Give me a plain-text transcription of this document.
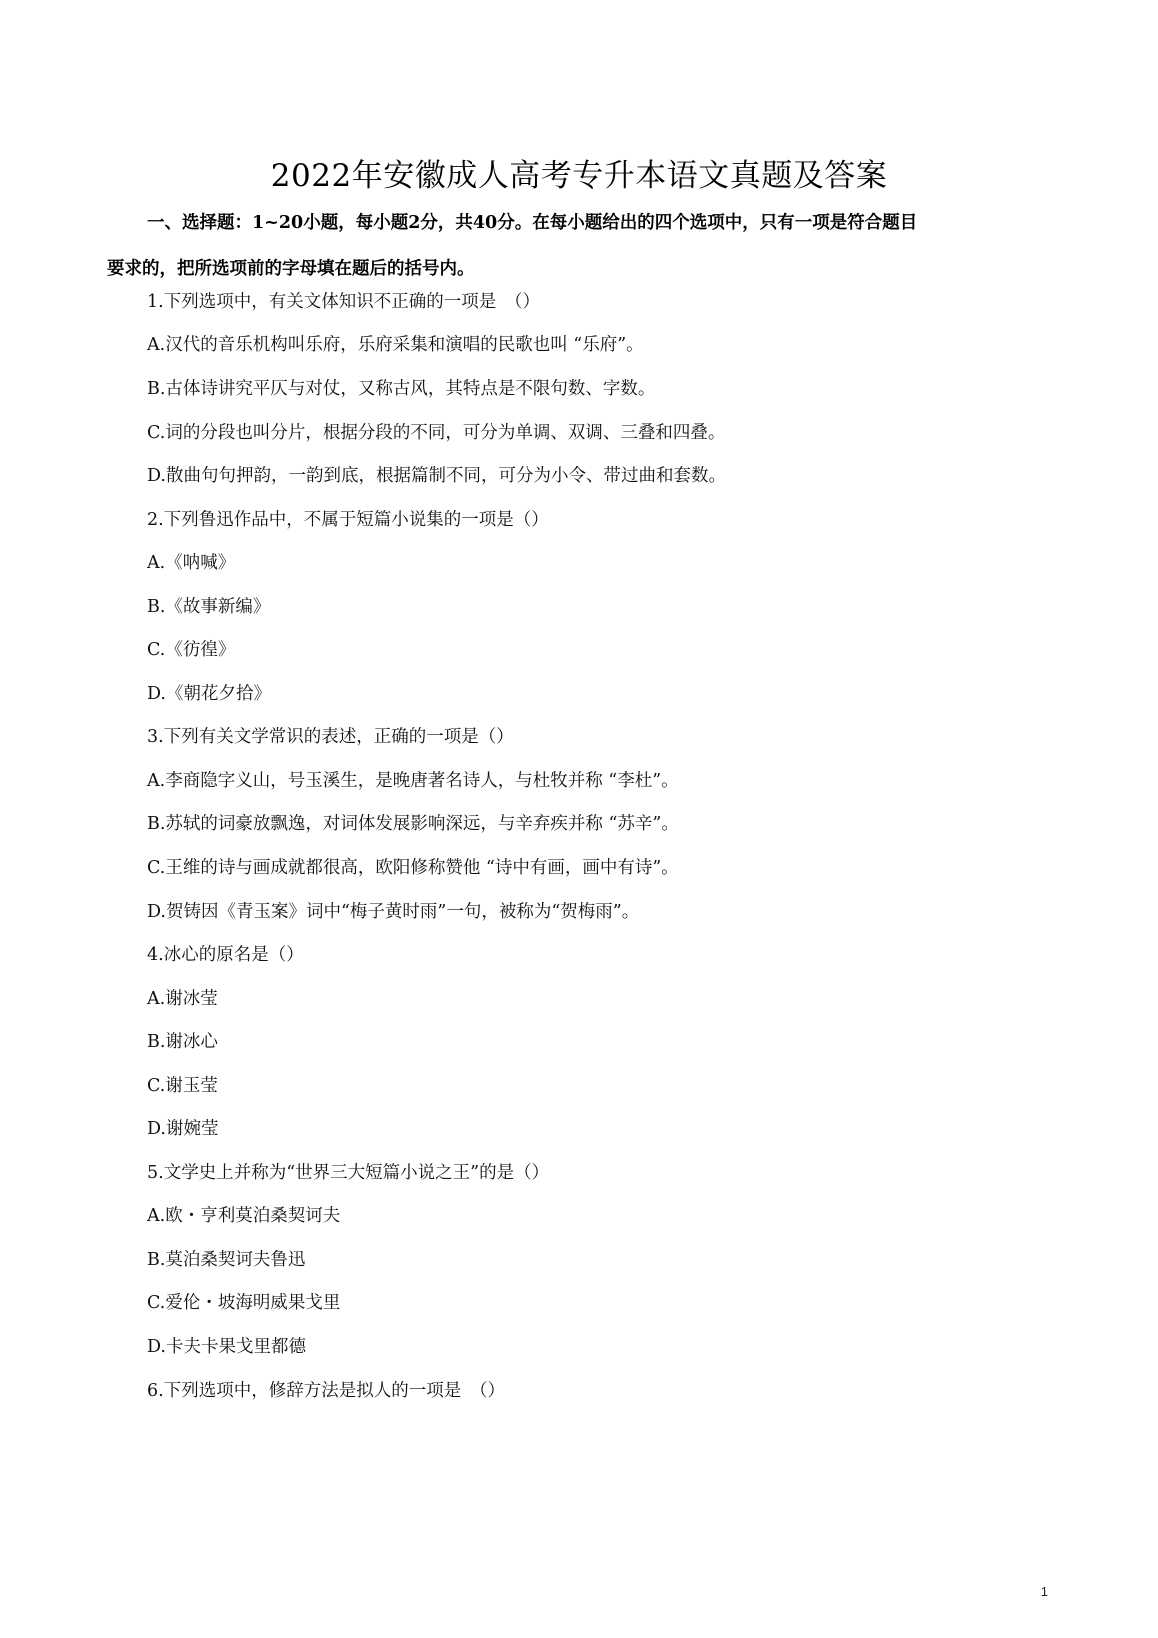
2022年安徽成人高考专升本语文真题及答案
一、选择题：1~20小题，每小题2分，共40分。在每小题给出的四个选项中，只有一项是符合题目
要求的，把所选项前的字母填在题后的括号内。
1.下列选项中，有关文体知识不正确的一项是　（）
A.汉代的音乐机构叫乐府，乐府采集和演唱的民歌也叫 “乐府”。
B.古体诗讲究平仄与对仗，又称古风，其特点是不限句数、字数。
C.词的分段也叫分片，根据分段的不同，可分为单调、双调、三叠和四叠。
D.散曲句句押韵，一韵到底，根据篇制不同，可分为小令、带过曲和套数。
2.下列鲁迅作品中，不属于短篇小说集的一项是（）
A.《呐喊》
B.《故事新编》
C.《彷徨》
D.《朝花夕拾》
3.下列有关文学常识的表述，正确的一项是（）
A.李商隐字义山，号玉溪生，是晚唐著名诗人，与杜牧并称 “李杜”。
B.苏轼的词豪放飘逸，对词体发展影响深远，与辛弃疾并称 “苏辛”。
C.王维的诗与画成就都很高，欧阳修称赞他 “诗中有画，画中有诗”。
D.贺铸因《青玉案》词中“梅子黄时雨”一句，被称为“贺梅雨”。
4.冰心的原名是（）
A.谢冰莹
B.谢冰心
C.谢玉莹
D.谢婉莹
5.文学史上并称为“世界三大短篇小说之王”的是（）
A.欧・亨利莫泊桑契诃夫
B.莫泊桑契诃夫鲁迅
C.爱伦・坡海明威果戈里
D.卡夫卡果戈里都德
6.下列选项中，修辞方法是拟人的一项是　（）
1
